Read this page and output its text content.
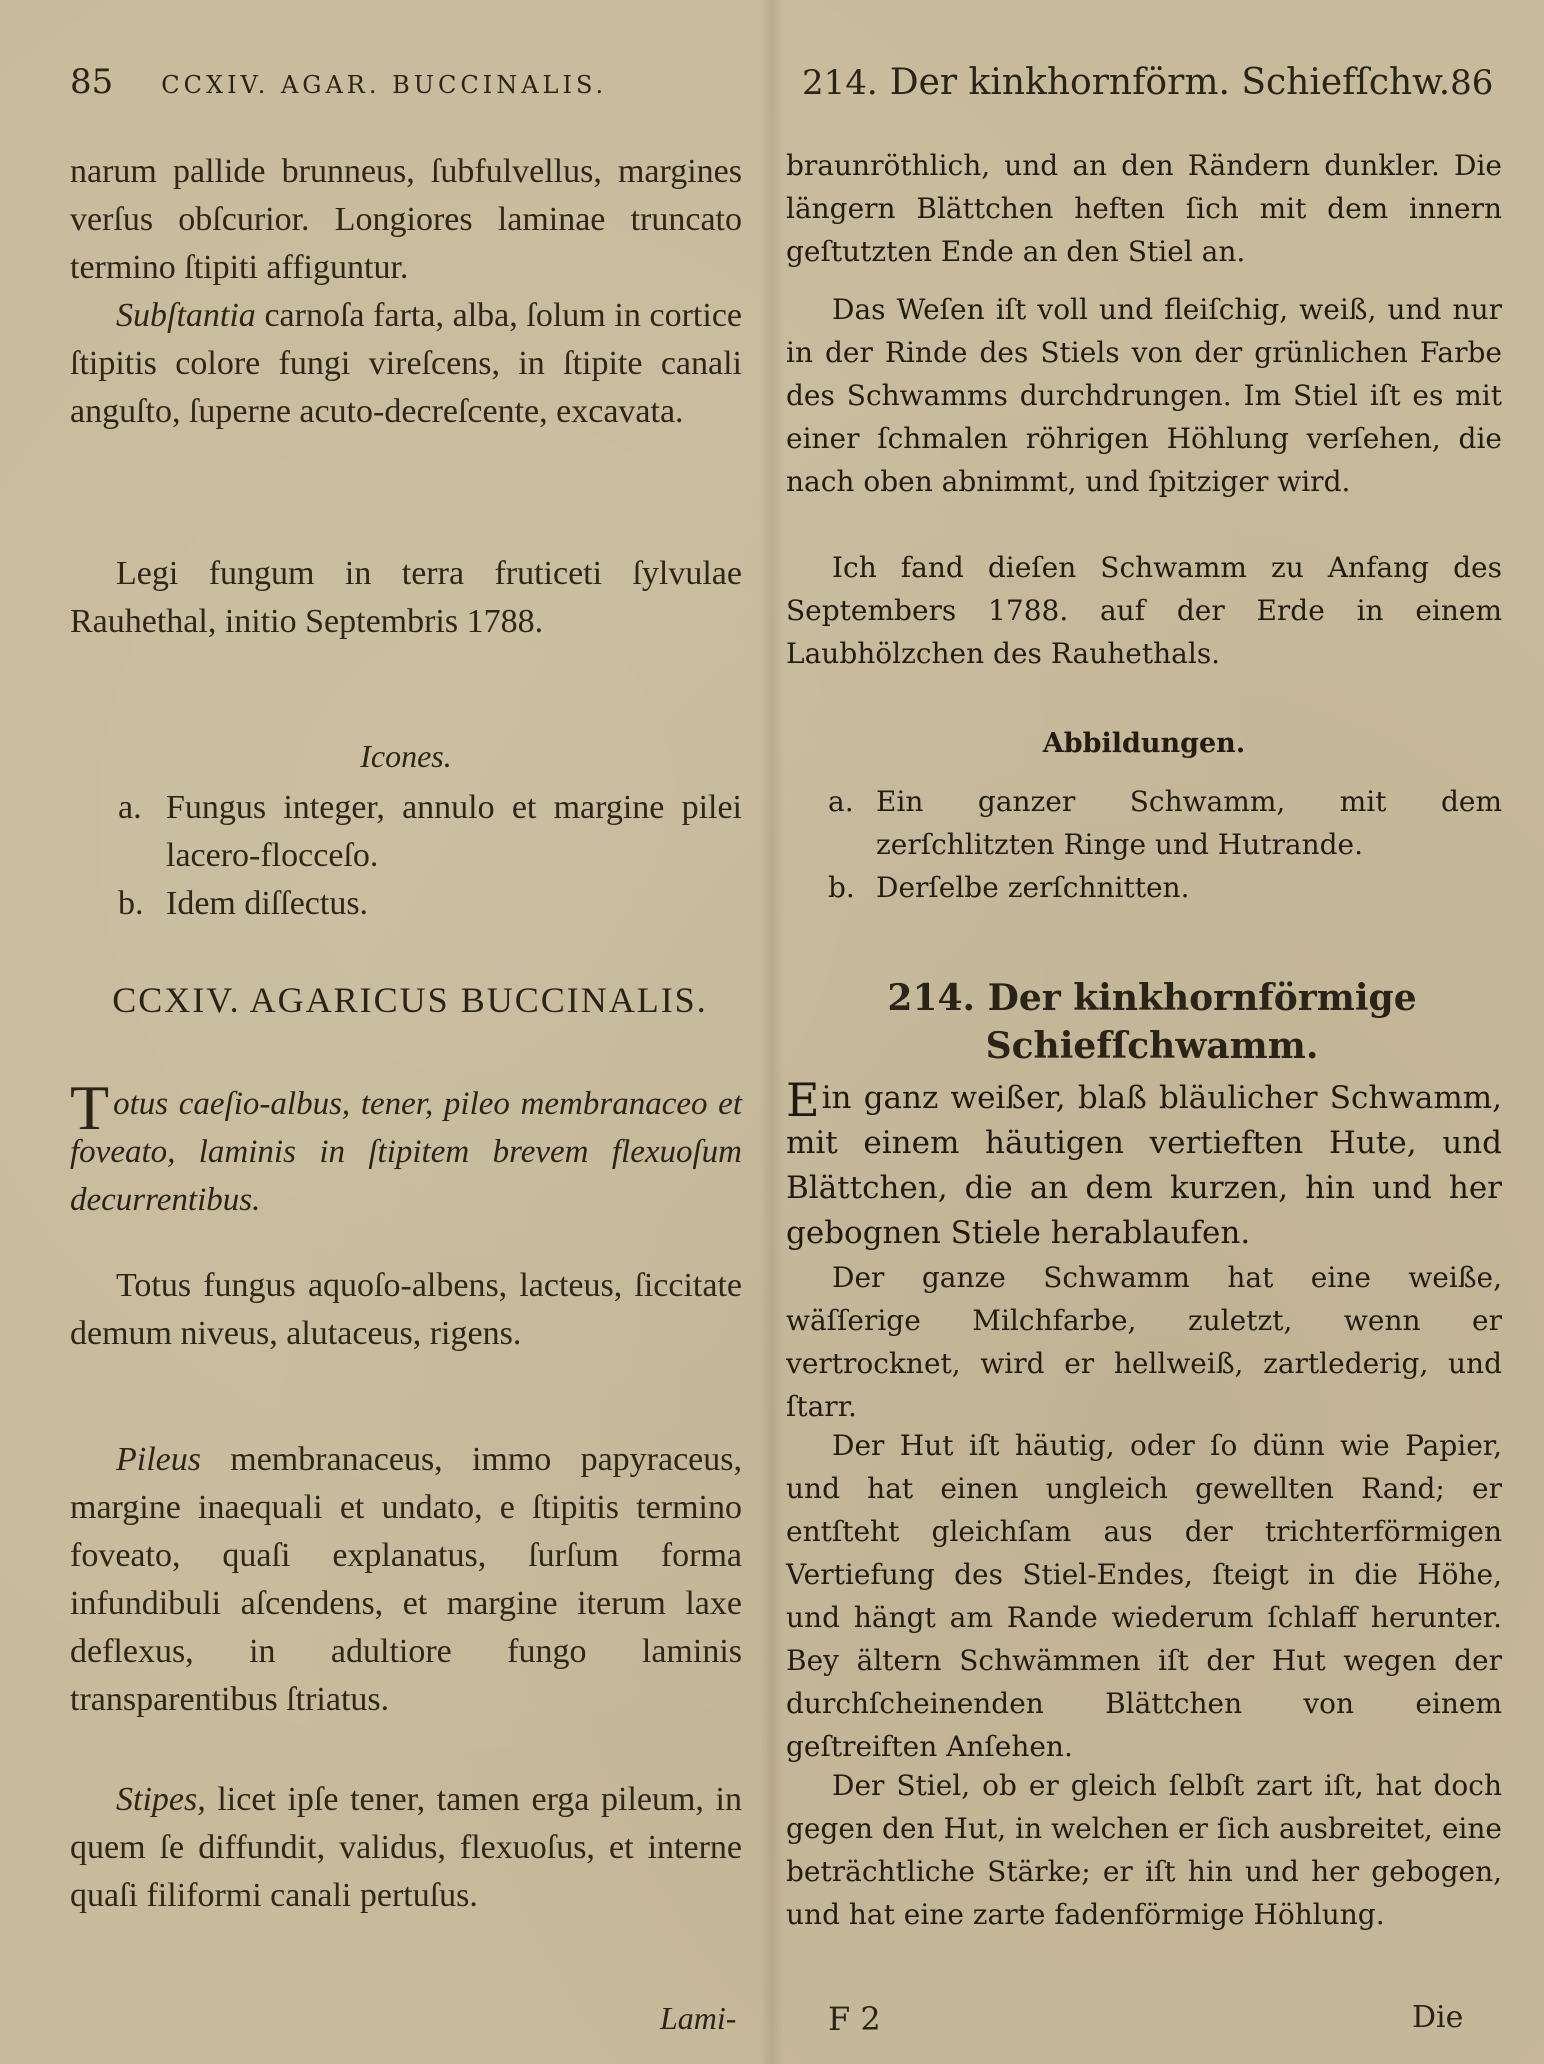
85 CCXIV. AGAR. BUCCINALIS.
narum pallide brunneus, ſubfulvellus, margines verſus obſcurior. Longiores laminae truncato termino ſtipiti affiguntur.
Subſtantia carnoſa farta, alba, ſolum in cortice ſtipitis colore fungi vireſcens, in ſtipite canali anguſto, ſuperne acuto-decreſcente, excavata.
Legi fungum in terra fruticeti ſylvulae Rauhethal, initio Septembris 1788.
Icones.
a. Fungus integer, annulo et margine pilei lacero-flocceſo.
b. Idem diſſectus.
CCXIV. AGARICUS BUCCINALIS.
Totus caeſio-albus, tener, pileo membranaceo et foveato, laminis in ſtipitem brevem flexuoſum decurrentibus.
Totus fungus aquoſo-albens, lacteus, ſiccitate demum niveus, alutaceus, rigens.
Pileus membranaceus, immo papyraceus, margine inaequali et undato, e ſtipitis termino foveato, quaſi explanatus, ſurſum forma infundibuli aſcendens, et margine iterum laxe deflexus, in adultiore fungo laminis transparentibus ſtriatus.
Stipes, licet ipſe tener, tamen erga pileum, in quem ſe diffundit, validus, flexuoſus, et interne quaſi filiformi canali pertuſus.
Lami-
214. Der kinkhornförm. Schiefſchw. 86
braunröthlich, und an den Rändern dunkler. Die längern Blättchen heften ſich mit dem innern geſtutzten Ende an den Stiel an.
Das Weſen iſt voll und fleiſchig, weiß, und nur in der Rinde des Stiels von der grünlichen Farbe des Schwamms durchdrungen. Im Stiel iſt es mit einer ſchmalen röhrigen Höhlung verſehen, die nach oben abnimmt, und ſpitziger wird.
Ich fand dieſen Schwamm zu Anfang des Septembers 1788. auf der Erde in einem Laubhölzchen des Rauhethals.
Abbildungen.
a. Ein ganzer Schwamm, mit dem zerſchlitzten Ringe und Hutrande.
b. Derſelbe zerſchnitten.
214. Der kinkhornförmige Schiefſchwamm.
E in ganz weißer, blaß bläulicher Schwamm, mit einem häutigen vertieften Hute, und Blättchen, die an dem kurzen, hin und her gebognen Stiele herablaufen.
Der ganze Schwamm hat eine weiße, wäſſerige Milchfarbe, zuletzt, wenn er vertrocknet, wird er hellweiß, zartlederig, und ſtarr.
Der Hut iſt häutig, oder ſo dünn wie Papier, und hat einen ungleich gewellten Rand; er entſteht gleichſam aus der trichterförmigen Vertiefung des Stiel-Endes, ſteigt in die Höhe, und hängt am Rande wiederum ſchlaff herunter. Bey ältern Schwämmen iſt der Hut wegen der durchſcheinenden Blättchen von einem geſtreiften Anſehen.
Der Stiel, ob er gleich ſelbſt zart iſt, hat doch gegen den Hut, in welchen er ſich ausbreitet, eine beträchtliche Stärke; er iſt hin und her gebogen, und hat eine zarte fadenförmige Höhlung.
F 2	Die
